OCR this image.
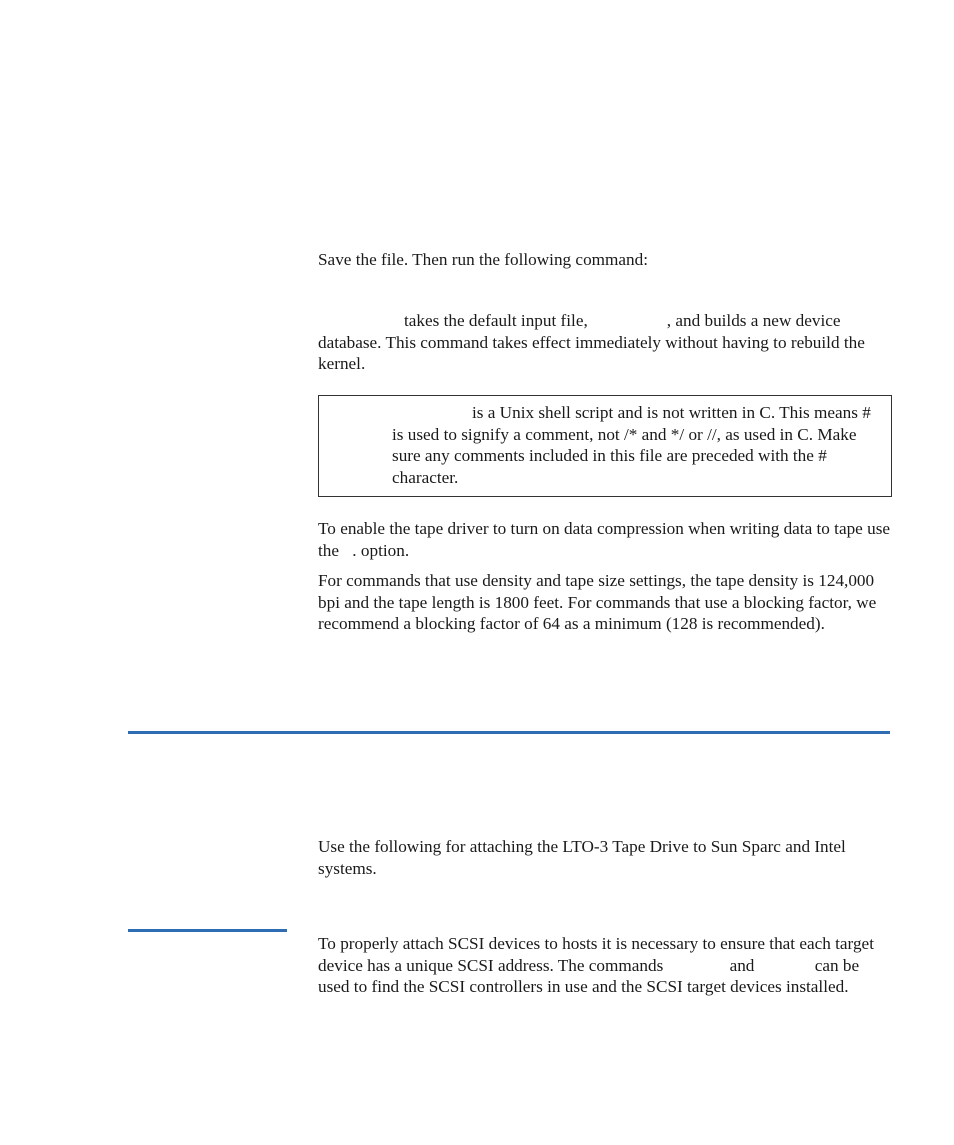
Save the file. Then run the following command:

takes the default input file,	, and builds a new device database. This command takes effect immediately without having to rebuild the kernel.

is a Unix shell script and is not written in C. This means # is used to signify a comment, not /* and */ or //, as used in C. Make sure any comments included in this file are preceded with the # character.

To enable the tape driver to turn on data compression when writing data to tape use the . option.

For commands that use density and tape size settings, the tape density is 124,000 bpi and the tape length is 1800 feet. For commands that use a blocking factor, we recommend a blocking factor of 64 as a minimum (128 is recommended).

Use the following for attaching the LTO-3 Tape Drive to Sun Sparc and Intel systems.

To properly attach SCSI devices to hosts it is necessary to ensure that each target device has a unique SCSI address. The commands	and	can be used to find the SCSI controllers in use and the SCSI target devices installed.
